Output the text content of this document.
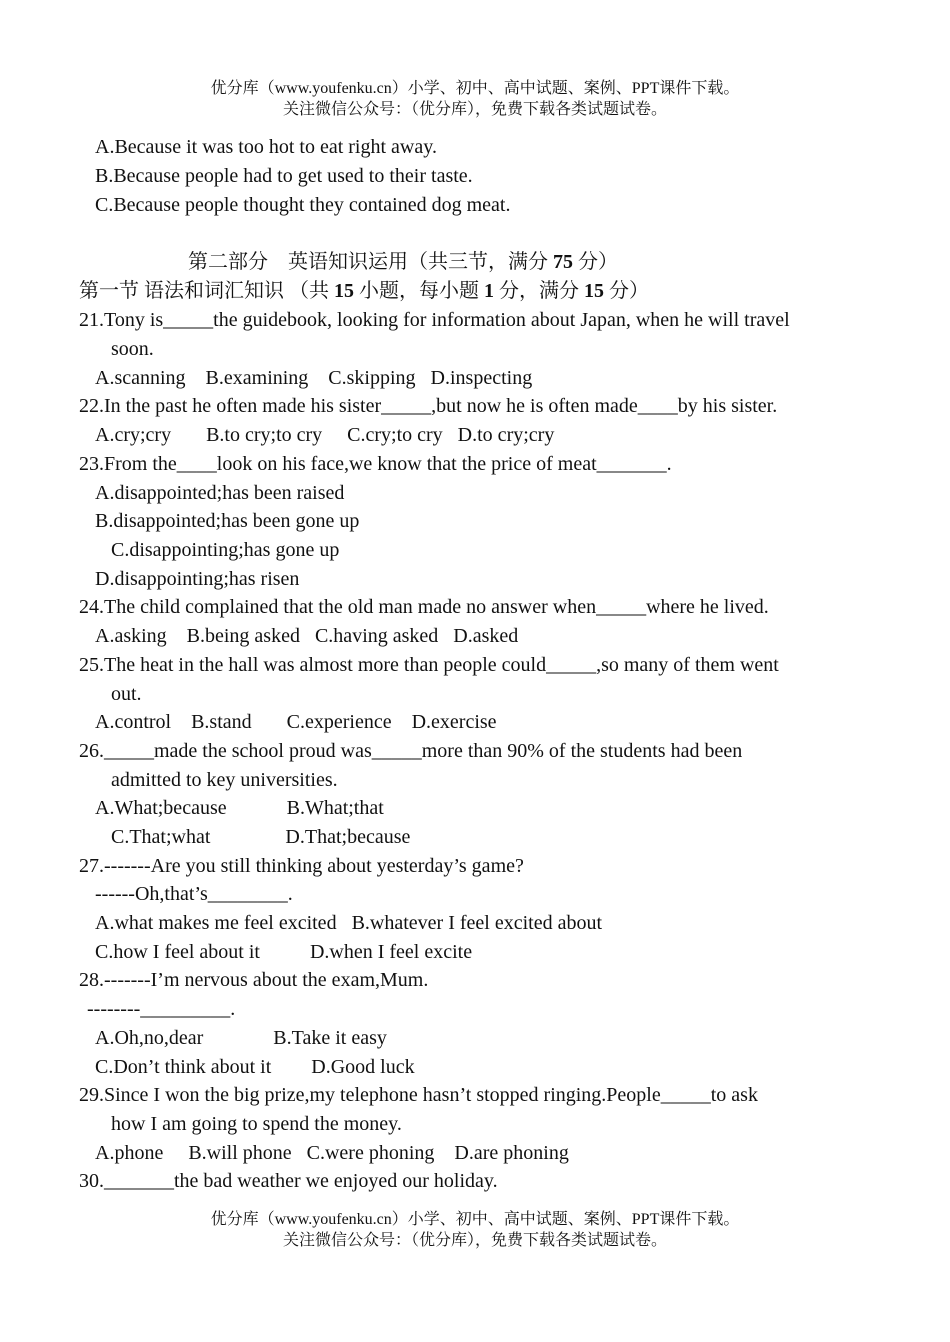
优分库（www.youfenku.cn）小学、初中、高中试题、案例、PPT课件下载。
关注微信公众号：（优分库），免费下载各类试题试卷。
A.Because it was too hot to eat right away.
B.Because people had to get used to their taste.
C.Because people thought they contained dog meat.
第二部分　英语知识运用（共三节，满分 75 分）
第一节 语法和词汇知识 （共 15 小题，每小题 1 分，满分 15 分）
21.Tony is_____the guidebook, looking for information about Japan, when he will travel
soon.
A.scanning    B.examining    C.skipping   D.inspecting
22.In the past he often made his sister_____,but now he is often made____by his sister.
A.cry;cry       B.to cry;to cry     C.cry;to cry   D.to cry;cry
23.From the____look on his face,we know that the price of meat_______.
A.disappointed;has been raised
B.disappointed;has been gone up
C.disappointing;has gone up
D.disappointing;has risen
24.The child complained that the old man made no answer when_____where he lived.
A.asking    B.being asked   C.having asked   D.asked
25.The heat in the hall was almost more than people could_____,so many of them went
out.
A.control    B.stand       C.experience    D.exercise
26._____made the school proud was_____more than 90% of the students had been
admitted to key universities.
A.What;because            B.What;that
C.That;what               D.That;because
27.-------Are you still thinking about yesterday’s game?
------Oh,that’s________.
A.what makes me feel excited   B.whatever I feel excited about
C.how I feel about it          D.when I feel excite
28.-------I’m nervous about the exam,Mum.
--------_________.
A.Oh,no,dear              B.Take it easy
C.Don’t think about it        D.Good luck
29.Since I won the big prize,my telephone hasn’t stopped ringing.People_____to ask
how I am going to spend the money.
A.phone     B.will phone   C.were phoning    D.are phoning
30._______the bad weather we enjoyed our holiday.
优分库（www.youfenku.cn）小学、初中、高中试题、案例、PPT课件下载。
关注微信公众号：（优分库），免费下载各类试题试卷。
